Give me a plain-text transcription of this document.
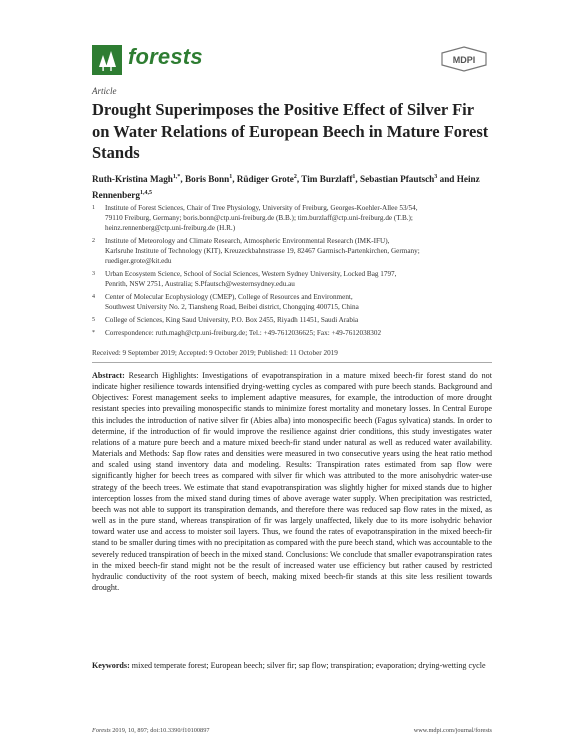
forests	MDPI
Article
Drought Superimposes the Positive Effect of Silver Fir on Water Relations of European Beech in Mature Forest Stands
Ruth-Kristina Magh$^{1,*}$, Boris Bonn$^1$, Rüdiger Grote$^2$, Tim Burzlaff$^1$, Sebastian Pfautsch$^3$ and Heinz Rennenberg$^{1,4,5}$
1 Institute of Forest Sciences, Chair of Tree Physiology, University of Freiburg, Georges-Koehler-Allee 53/54,
79110 Freiburg, Germany; boris.bonn@ctp.uni-freiburg.de (B.B.); tim.burzlaff@ctp.uni-freiburg.de (T.B.);
heinz.rennenberg@ctp.uni-freiburg.de (H.R.)
2 Institute of Meteorology and Climate Research, Atmospheric Environmental Research (IMK-IFU),
Karlsruhe Institute of Technology (KIT), Kreuzeckbahnstrasse 19, 82467 Garmisch-Partenkirchen, Germany;
ruediger.grote@kit.edu
3 Urban Ecosystem Science, School of Social Sciences, Western Sydney University, Locked Bag 1797,
Penrith, NSW 2751, Australia; S.Pfautsch@westernsydney.edu.au
4 Center of Molecular Ecophysiology (CMEP), College of Resources and Environment,
Southwest University No. 2, Tiansheng Road, Beibei district, Chongqing 400715, China
5 College of Sciences, King Saud University, P.O. Box 2455, Riyadh 11451, Saudi Arabia
* Correspondence: ruth.magh@ctp.uni-freiburg.de; Tel.: +49-7612036625; Fax: +49-7612038302
Received: 9 September 2019; Accepted: 9 October 2019; Published: 11 October 2019

Abstract: Research Highlights: Investigations of evapotranspiration in a mature mixed beech-fir forest stand do not indicate higher resilience towards intensified drying-wetting cycles as compared with pure beech stands. Background and Objectives: Forest management seeks to implement adaptive measures, for example, the introduction of more drought resistant species into prevailing monospecific stands to minimize forest mortality and monetary losses. In Central Europe this includes the introduction of native silver fir (Abies alba) into monospecific beech (Fagus sylvatica) stands. In order to determine, if the introduction of fir would improve the resilience against drier conditions, this study investigates water relations of a mature pure beech and a mature mixed beech-fir stand under natural as well as reduced water availability. Materials and Methods: Sap flow rates and densities were measured in two consecutive years using the heat ratio method and scaled using stand inventory data and modeling. Results: Transpiration rates estimated from sap flow were significantly higher for beech trees as compared with silver fir which was attributed to the more anisohydric water-use strategy of the beech trees. We estimate that stand evapotranspiration was slightly higher for mixed stands due to higher interception losses from the mixed stand during times of above average water supply. When precipitation was restricted, beech was not able to support its transpiration demands, and therefore there was reduced sap flow rates in the mixed, as well as in the pure stand, whereas transpiration of fir was largely unaffected, likely due to its more isohydric behavior toward water use and access to moister soil layers. Thus, we found the rates of evapotranspiration in the mixed beech-fir stand to be smaller during times with no precipitation as compared with the pure beech stand, which was accountable to the severely reduced transpiration of beech in the mixed stand. Conclusions: We conclude that smaller evapotranspiration rates in the mixed beech-fir stand might not be the result of increased water use efficiency but rather caused by restricted hydraulic conductivity of the root system of beech, making mixed beech-fir stands at this site less resilient towards drought.

Keywords: mixed temperate forest; European beech; silver fir; sap flow; transpiration; evaporation; drying-wetting cycle
Forests 2019, 10, 897; doi:10.3390/f10100897	www.mdpi.com/journal/forests
